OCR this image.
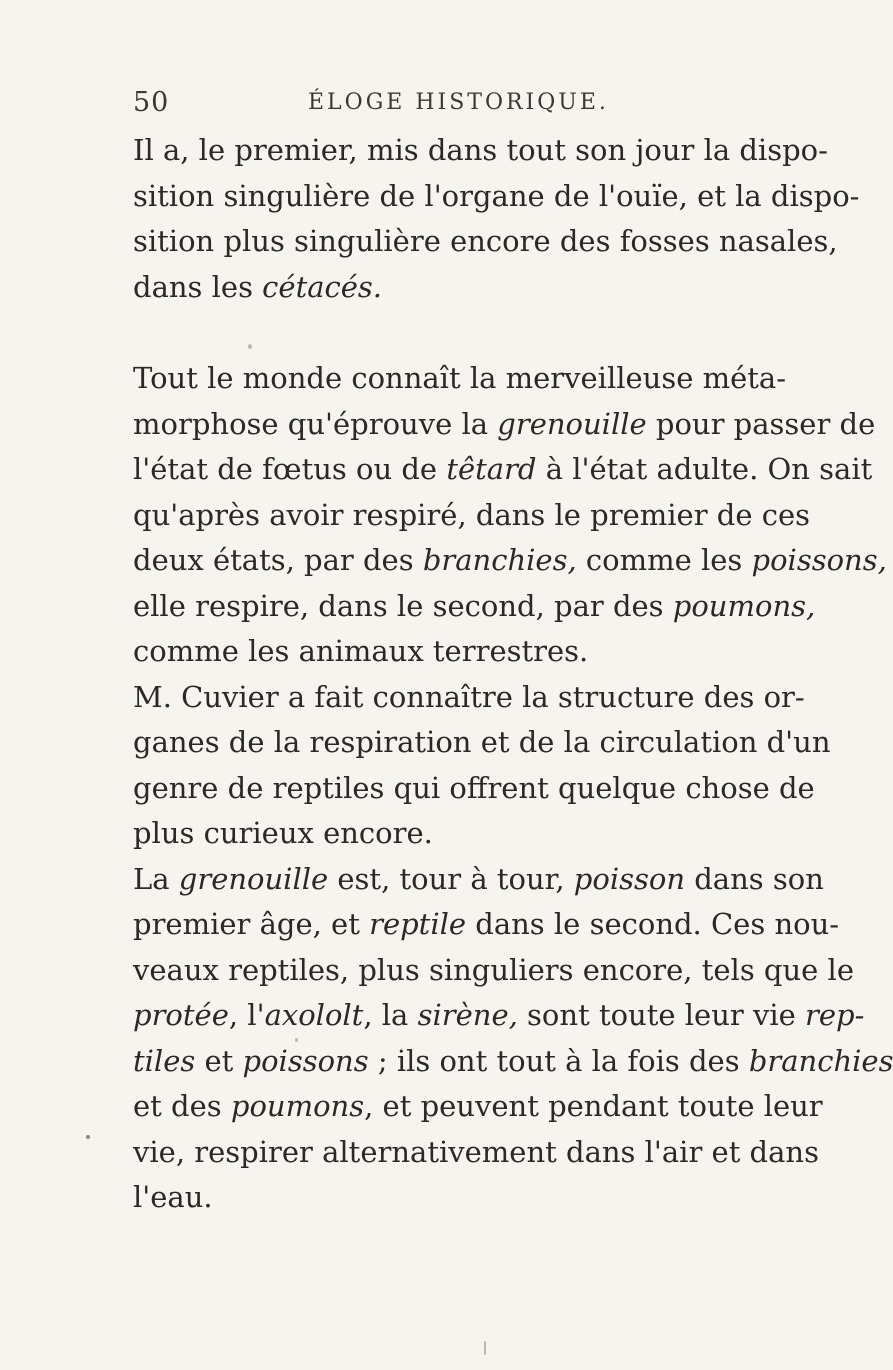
50	ÉLOGE HISTORIQUE.
Il a, le premier, mis dans tout son jour la dispo-
sition singulière de l'organe de l'ouïe, et la dispo-
sition plus singulière encore des fosses nasales,
dans les cétacés.
Tout le monde connaît la merveilleuse méta-
morphose qu'éprouve la grenouille pour passer de
l'état de fœtus ou de têtard à l'état adulte. On sait
qu'après avoir respiré, dans le premier de ces
deux états, par des branchies, comme les poissons,
elle respire, dans le second, par des poumons,
comme les animaux terrestres.
M. Cuvier a fait connaître la structure des or-
ganes de la respiration et de la circulation d'un
genre de reptiles qui offrent quelque chose de
plus curieux encore.
La grenouille est, tour à tour, poisson dans son
premier âge, et reptile dans le second. Ces nou-
veaux reptiles, plus singuliers encore, tels que le
protée, l'axololt, la sirène, sont toute leur vie rep-
tiles et poissons ; ils ont tout à la fois des branchies
et des poumons, et peuvent pendant toute leur
vie, respirer alternativement dans l'air et dans
l'eau.
